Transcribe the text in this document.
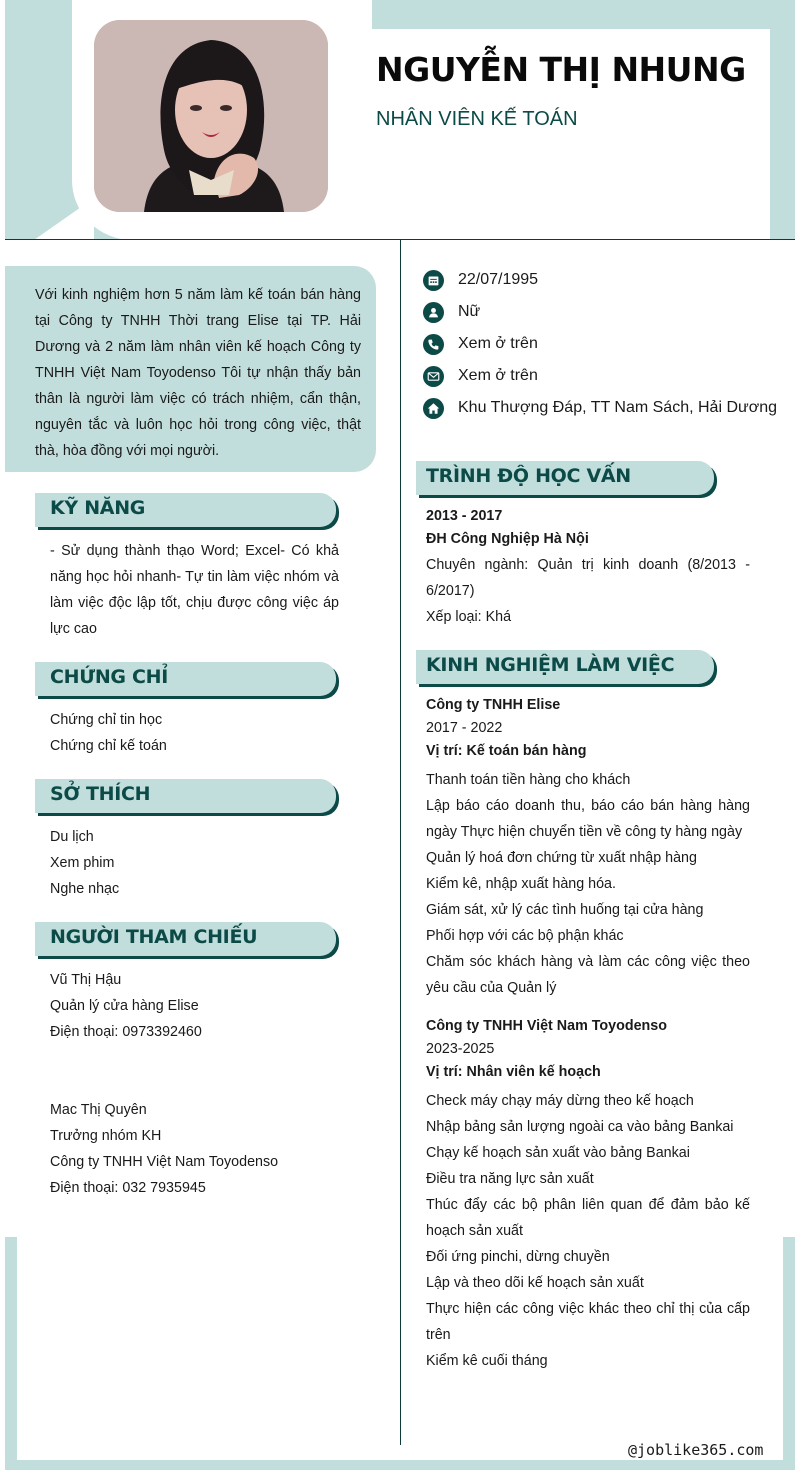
NGUYỄN THỊ NHUNG
NHÂN VIÊN KẾ TOÁN
Với kinh nghiệm hơn 5 năm làm kế toán bán hàng tại Công ty TNHH Thời trang Elise tại TP. Hải Dương và 2 năm làm nhân viên kế hoạch Công ty TNHH Việt Nam Toyodenso Tôi tự nhận thấy bản thân là người làm việc có trách nhiệm, cẩn thận, nguyên tắc và luôn học hỏi trong công việc, thật thà, hòa đồng với mọi người.
22/07/1995
Nữ
Xem ở trên
Xem ở trên
Khu Thượng Đáp, TT Nam Sách, Hải Dương
KỸ NĂNG
- Sử dụng thành thạo Word; Excel- Có khả năng học hỏi nhanh- Tự tin làm việc nhóm và làm việc độc lập tốt, chịu được công việc áp lực cao
CHỨNG CHỈ

Chứng chỉ tin học

Chứng chỉ kế toán

SỞ THÍCH

Du lịch

Xem phim

Nghe nhạc

NGƯỜI THAM CHIẾU

Vũ Thị Hậu

Quản lý cửa hàng Elise

Điện thoại: 0973392460

Mac Thị Quyên

Trưởng nhóm KH

Công ty TNHH Việt Nam Toyodenso

Điện thoại: 032 7935945

TRÌNH ĐỘ HỌC VẤN

2013 - 2017

ĐH Công Nghiệp Hà Nội

Chuyên ngành: Quản trị kinh doanh (8/2013 - 6/2017)
Xếp loại: Khá
KINH NGHIỆM LÀM VIỆC

Công ty TNHH Elise

2017 - 2022

Vị trí: Kế toán bán hàng

Thanh toán tiền hàng cho khách
Lập báo cáo doanh thu, báo cáo bán hàng hàng ngày Thực hiện chuyển tiền về công ty hàng ngày
Quản lý hoá đơn chứng từ xuất nhập hàng
Kiểm kê, nhập xuất hàng hóa.
Giám sát, xử lý các tình huống tại cửa hàng
Phối hợp với các bộ phận khác
Chăm sóc khách hàng và làm các công việc theo yêu cầu của Quản lý

Công ty TNHH Việt Nam Toyodenso

2023-2025

Vị trí: Nhân viên kế hoạch

Check máy chạy máy dừng theo kế hoạch
Nhập bảng sản lượng ngoài ca vào bảng Bankai
Chạy kế hoạch sản xuất vào bảng Bankai
Điều tra năng lực sản xuất
Thúc đẩy các bộ phân liên quan để đảm bảo kế hoạch sản xuất
Đối ứng pinchi, dừng chuyền
Lập và theo dõi kế hoạch sản xuất
Thực hiện các công việc khác theo chỉ thị của cấp trên
Kiểm kê cuối tháng
@joblike365.com
